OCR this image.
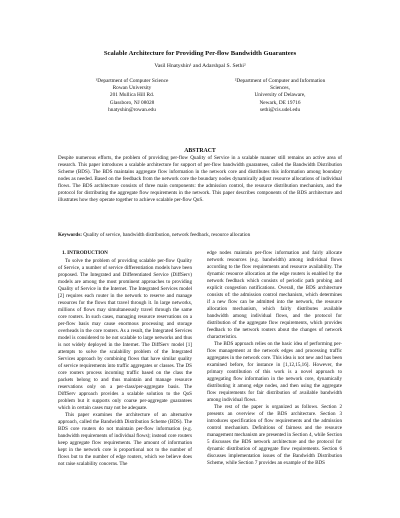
Scalable Architecture for Providing Per-flow Bandwidth Guarantees
Vasil Hnatyshin¹ and Adarshpal S. Sethi²
¹Department of Computer Science
Rowan University
201 Mullica Hill Rd.
Glassboro, NJ 08028
hnatyshin@rowan.edu
²Department of Computer and Information
Sciences,
University of Delaware,
Newark, DE 19716
sethi@cis.udel.edu
ABSTRACT
Despite numerous efforts, the problem of providing per-flow Quality of Service in a scalable manner still remains an active area of research. This paper introduces a scalable architecture for support of per-flow bandwidth guarantees, called the Bandwidth Distribution Scheme (BDS). The BDS maintains aggregate flow information in the network core and distributes this information among boundary nodes as needed. Based on the feedback from the network core the boundary nodes dynamically adjust resource allocations of individual flows. The BDS architecture consists of three main components: the admission control, the resource distribution mechanism, and the protocol for distributing the aggregate flow requirements in the network. This paper describes components of the BDS architecture and illustrates how they operate together to achieve scalable per-flow QoS.
Keywords: Quality of service, bandwidth distribution, network feedback, resource allocation
1. INTRODUCTION

To solve the problem of providing scalable per-flow Quality of Service, a number of service differentiation models have been proposed. The Integrated and Differentiated Service (DiffServ) models are among the most prominent approaches to providing Quality of Service in the Internet. The Integrated Services model [2] requires each router in the network to reserve and manage resources for the flows that travel through it. In large networks, millions of flows may simultaneously travel through the same core routers. In such cases, managing resource reservations on a per-flow basis may cause enormous processing and storage overheads in the core routers. As a result, the Integrated Services model is considered to be not scalable to large networks and thus is not widely deployed in the Internet. The DiffServ model [1] attempts to solve the scalability problem of the Integrated Services approach by combining flows that have similar quality of service requirements into traffic aggregates or classes. The DS core routers process incoming traffic based on the class the packets belong to and thus maintain and manage resource reservations only on a per-class/per-aggregate basis. The DiffServ approach provides a scalable solution to the QoS problem but it supports only coarse per-aggregate guarantees which in certain cases may not be adequate.

This paper examines the architecture of an alternative approach, called the Bandwidth Distribution Scheme (BDS). The BDS core routers do not maintain per-flow information (e.g. bandwidth requirements of individual flows); instead core routers keep aggregate flow requirements. The amount of information kept in the network core is proportional not to the number of flows but to the number of edge routers, which we believe does not raise scalability concerns. The

edge nodes maintain per-flow information and fairly allocate network resources (e.g. bandwidth) among individual flows according to the flow requirements and resource availability. The dynamic resource allocation at the edge routers is enabled by the network feedback which consists of periodic path probing and explicit congestion notifications. Overall, the BDS architecture consists of: the admission control mechanism, which determines if a new flow can be admitted into the network, the resource allocation mechanism, which fairly distributes available bandwidth among individual flows, and the protocol for distribution of the aggregate flow requirements, which provides feedback to the network routers about the changes of network characteristics.

The BDS approach relies on the basic idea of performing per-flow management at the network edges and processing traffic aggregates in the network core. This idea is not new and has been examined before, for instance in [1,12,15,16]. However, the primary contribution of this work is a novel approach to aggregating flow information in the network core, dynamically distributing it among edge nodes, and then using the aggregate flow requirements for fair distribution of available bandwidth among individual flows.

The rest of the paper is organized as follows. Section 2 presents an overview of the BDS architecture. Section 3 introduces specification of flow requirements and the admission control mechanism. Definitions of fairness and the resource management mechanism are presented in Section 4, while Section 5 discusses the BDS network architecture and the protocol for dynamic distribution of aggregate flow requirements. Section 6 discusses implementation issues of the Bandwidth Distribution Scheme, while Section 7 provides an example of the BDS
